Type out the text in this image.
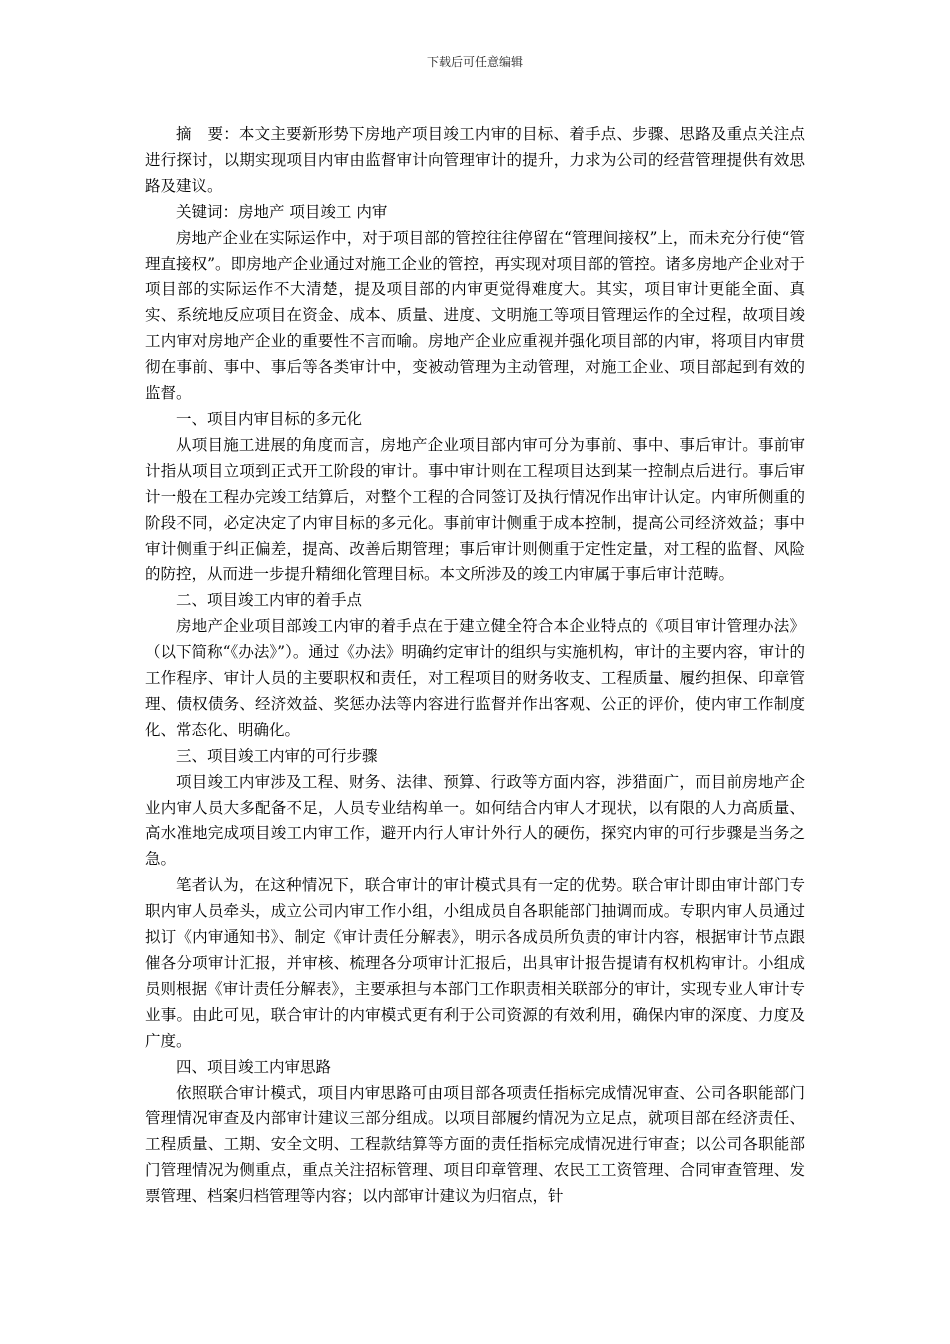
下载后可任意编辑

摘　要：本文主要新形势下房地产项目竣工内审的目标、着手点、步骤、思路及重点关注点进行探讨，以期实现项目内审由监督审计向管理审计的提升，力求为公司的经营管理提供有效思路及建议。

关键词：房地产 项目竣工 内审

房地产企业在实际运作中，对于项目部的管控往往停留在“管理间接权”上，而未充分行使“管理直接权”。即房地产企业通过对施工企业的管控，再实现对项目部的管控。诸多房地产企业对于项目部的实际运作不大清楚，提及项目部的内审更觉得难度大。其实，项目审计更能全面、真实、系统地反应项目在资金、成本、质量、进度、文明施工等项目管理运作的全过程，故项目竣工内审对房地产企业的重要性不言而喻。房地产企业应重视并强化项目部的内审，将项目内审贯彻在事前、事中、事后等各类审计中，变被动管理为主动管理，对施工企业、项目部起到有效的监督。

一、项目内审目标的多元化

从项目施工进展的角度而言，房地产企业项目部内审可分为事前、事中、事后审计。事前审计指从项目立项到正式开工阶段的审计。事中审计则在工程项目达到某一控制点后进行。事后审计一般在工程办完竣工结算后，对整个工程的合同签订及执行情况作出审计认定。内审所侧重的阶段不同，必定决定了内审目标的多元化。事前审计侧重于成本控制，提高公司经济效益；事中审计侧重于纠正偏差，提高、改善后期管理；事后审计则侧重于定性定量，对工程的监督、风险的防控，从而进一步提升精细化管理目标。本文所涉及的竣工内审属于事后审计范畴。

二、项目竣工内审的着手点

房地产企业项目部竣工内审的着手点在于建立健全符合本企业特点的《项目审计管理办法》（以下简称“《办法》”）。通过《办法》明确约定审计的组织与实施机构，审计的主要内容，审计的工作程序、审计人员的主要职权和责任，对工程项目的财务收支、工程质量、履约担保、印章管理、债权债务、经济效益、奖惩办法等内容进行监督并作出客观、公正的评价，使内审工作制度化、常态化、明确化。

三、项目竣工内审的可行步骤

项目竣工内审涉及工程、财务、法律、预算、行政等方面内容，涉猎面广，而目前房地产企业内审人员大多配备不足，人员专业结构单一。如何结合内审人才现状，以有限的人力高质量、高水准地完成项目竣工内审工作，避开内行人审计外行人的硬伤，探究内审的可行步骤是当务之急。

笔者认为，在这种情况下，联合审计的审计模式具有一定的优势。联合审计即由审计部门专职内审人员牵头，成立公司内审工作小组，小组成员自各职能部门抽调而成。专职内审人员通过拟订《内审通知书》、制定《审计责任分解表》，明示各成员所负责的审计内容，根据审计节点跟催各分项审计汇报，并审核、梳理各分项审计汇报后，出具审计报告提请有权机构审计。小组成员则根据《审计责任分解表》，主要承担与本部门工作职责相关联部分的审计，实现专业人审计专业事。由此可见，联合审计的内审模式更有利于公司资源的有效利用，确保内审的深度、力度及广度。

四、项目竣工内审思路

依照联合审计模式，项目内审思路可由项目部各项责任指标完成情况审查、公司各职能部门管理情况审查及内部审计建议三部分组成。以项目部履约情况为立足点，就项目部在经济责任、工程质量、工期、安全文明、工程款结算等方面的责任指标完成情况进行审查；以公司各职能部门管理情况为侧重点，重点关注招标管理、项目印章管理、农民工工资管理、合同审查管理、发票管理、档案归档管理等内容；以内部审计建议为归宿点，针
